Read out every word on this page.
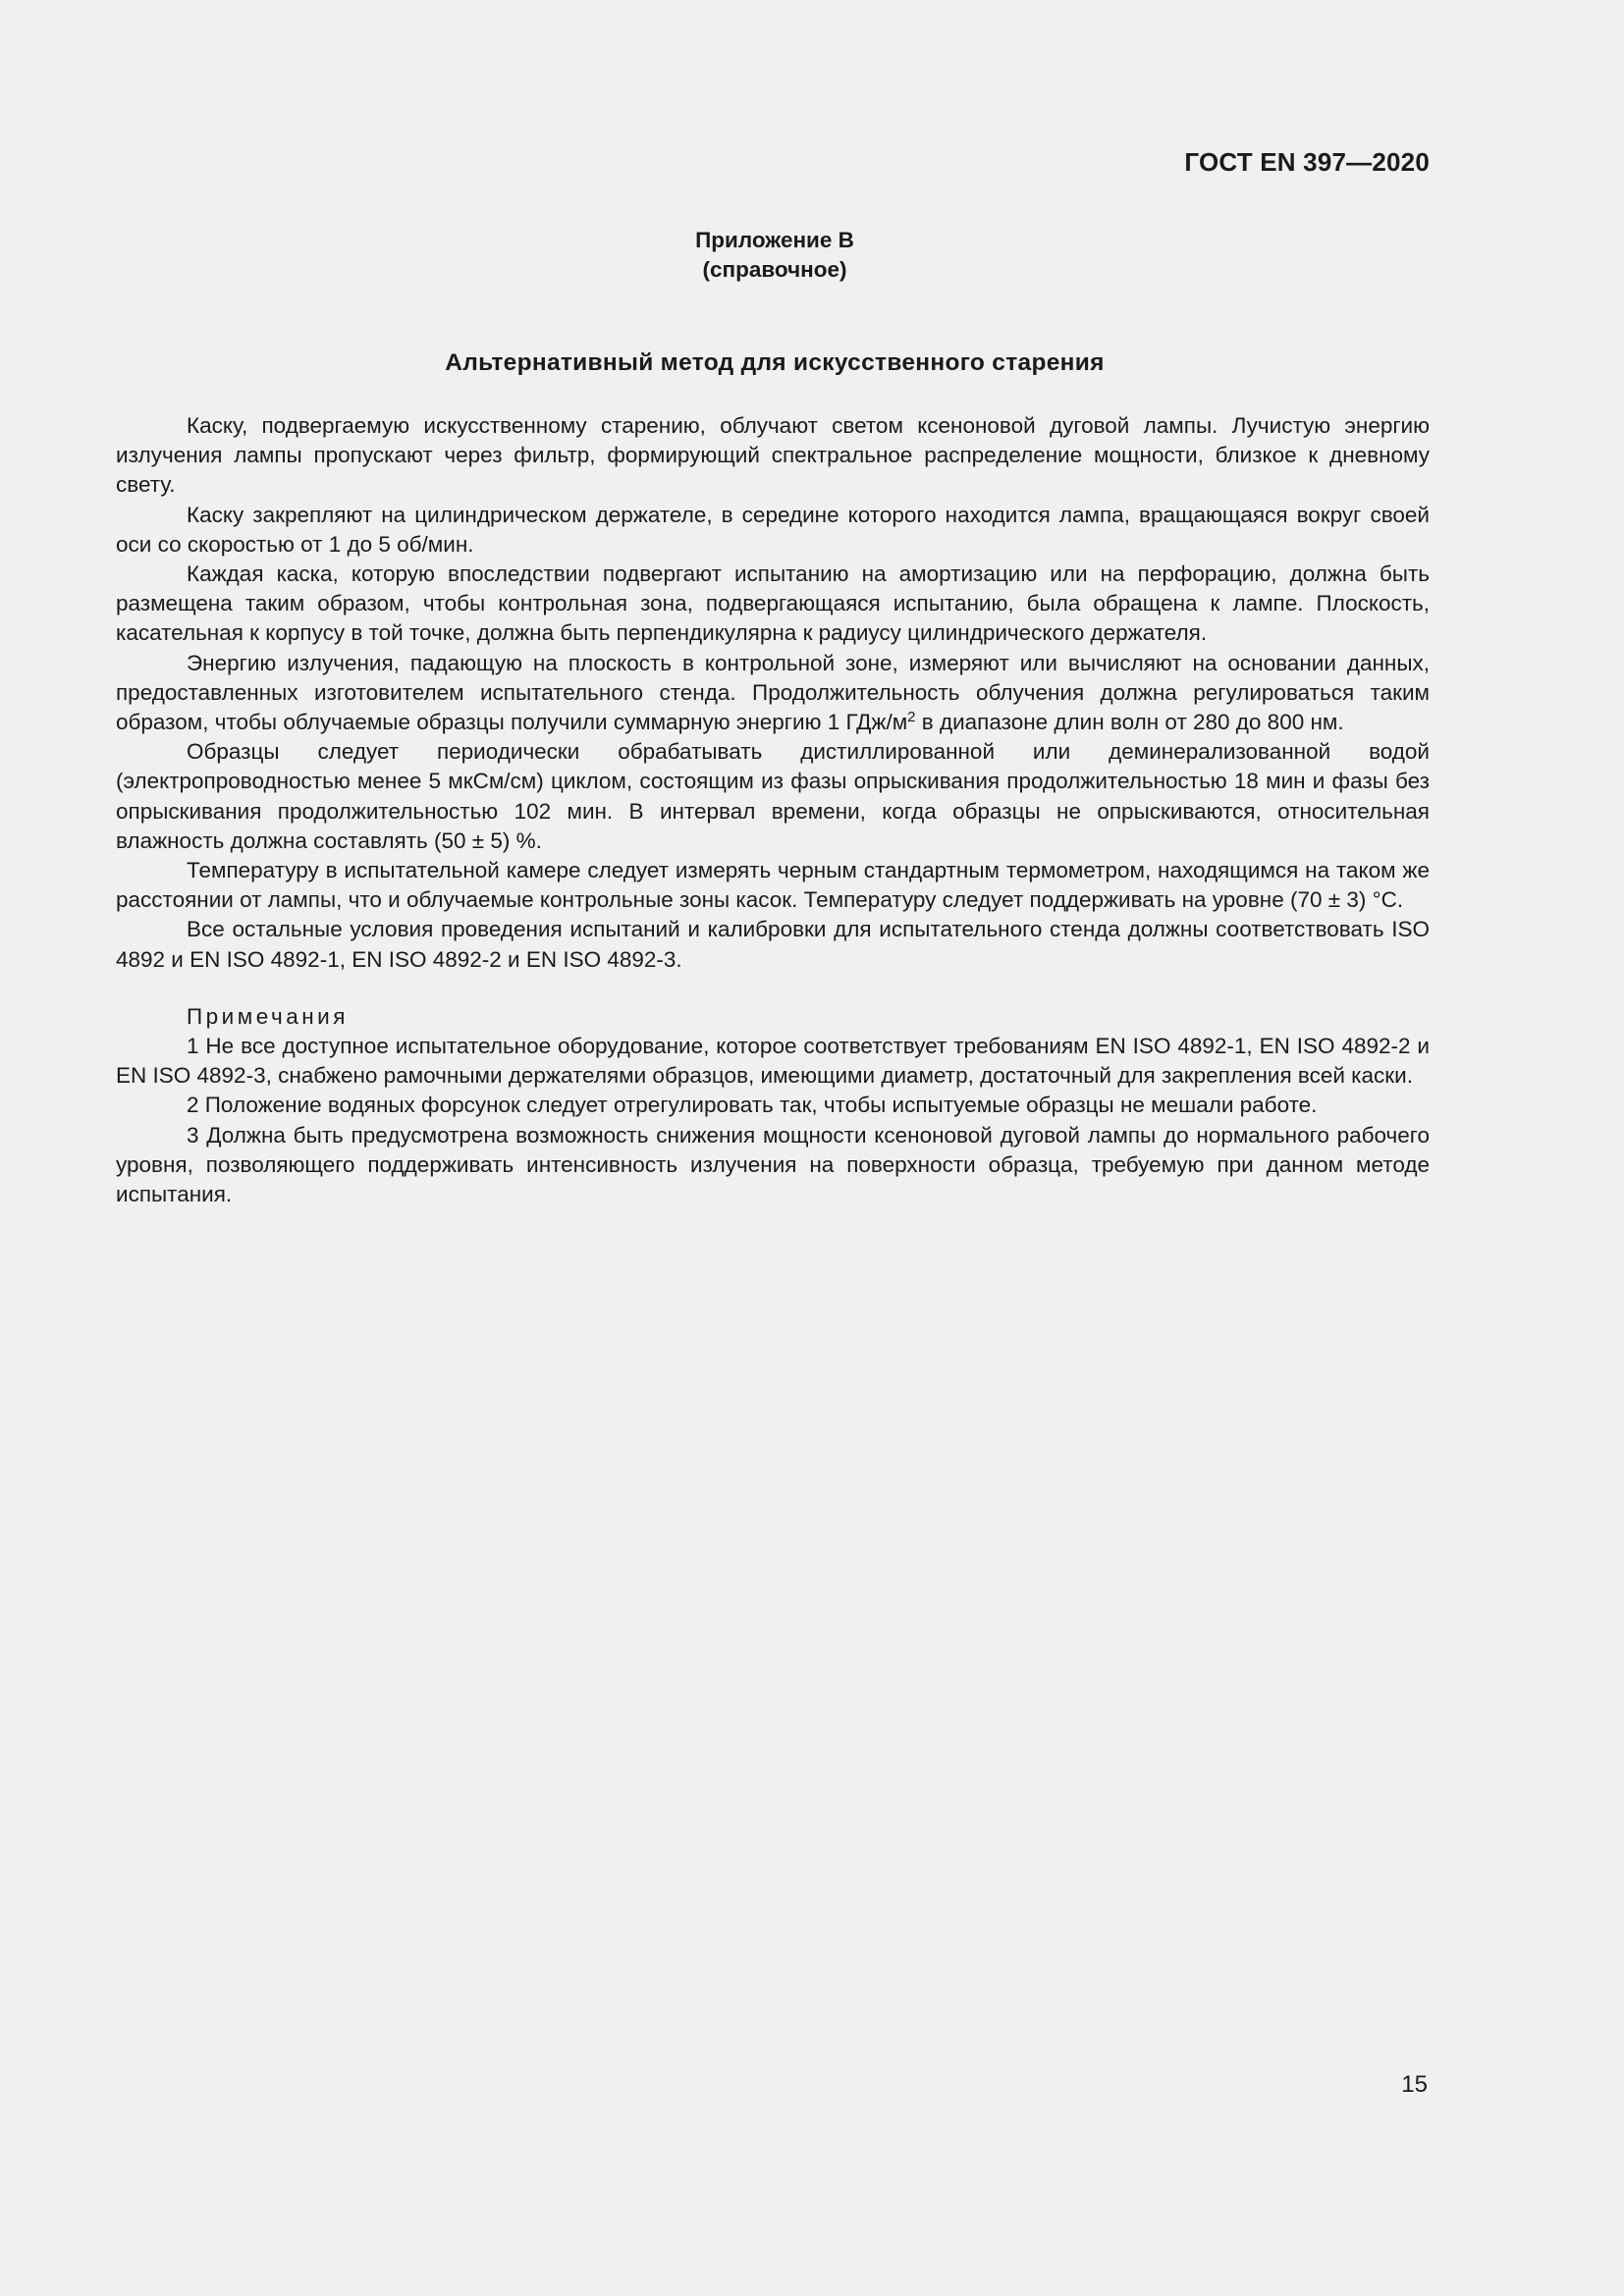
ГОСТ EN 397—2020
Приложение В
(справочное)
Альтернативный метод для искусственного старения

Каску, подвергаемую искусственному старению, облучают светом ксеноновой дуговой лампы. Лучистую энергию излучения лампы пропускают через фильтр, формирующий спектральное распределение мощности, близкое к дневному свету.

Каску закрепляют на цилиндрическом держателе, в середине которого находится лампа, вращающаяся вокруг своей оси со скоростью от 1 до 5 об/мин.

Каждая каска, которую впоследствии подвергают испытанию на амортизацию или на перфорацию, должна быть размещена таким образом, чтобы контрольная зона, подвергающаяся испытанию, была обращена к лампе. Плоскость, касательная к корпусу в той точке, должна быть перпендикулярна к радиусу цилиндрического держателя.

Энергию излучения, падающую на плоскость в контрольной зоне, измеряют или вычисляют на основании данных, предоставленных изготовителем испытательного стенда. Продолжительность облучения должна регулироваться таким образом, чтобы облучаемые образцы получили суммарную энергию 1 ГДж/$м^2$ в диапазоне длин волн от 280 до 800 нм.

Образцы следует периодически обрабатывать дистиллированной или деминерализованной водой (электропроводностью менее 5 мкСм/см) циклом, состоящим из фазы опрыскивания продолжительностью 18 мин и фазы без опрыскивания продолжительностью 102 мин. В интервал времени, когда образцы не опрыскиваются, относительная влажность должна составлять (50 ± 5) %.

Температуру в испытательной камере следует измерять черным стандартным термометром, находящимся на таком же расстоянии от лампы, что и облучаемые контрольные зоны касок. Температуру следует поддерживать на уровне (70 ± 3) °С.

Все остальные условия проведения испытаний и калибровки для испытательного стенда должны соответствовать ISO 4892 и EN ISO 4892-1, EN ISO 4892-2 и EN ISO 4892-3.

Примечания

1 Не все доступное испытательное оборудование, которое соответствует требованиям EN ISO 4892-1, EN ISO 4892-2 и EN ISO 4892-3, снабжено рамочными держателями образцов, имеющими диаметр, достаточный для закрепления всей каски.

2 Положение водяных форсунок следует отрегулировать так, чтобы испытуемые образцы не мешали работе.

3 Должна быть предусмотрена возможность снижения мощности ксеноновой дуговой лампы до нормального рабочего уровня, позволяющего поддерживать интенсивность излучения на поверхности образца, требуемую при данном методе испытания.

15
